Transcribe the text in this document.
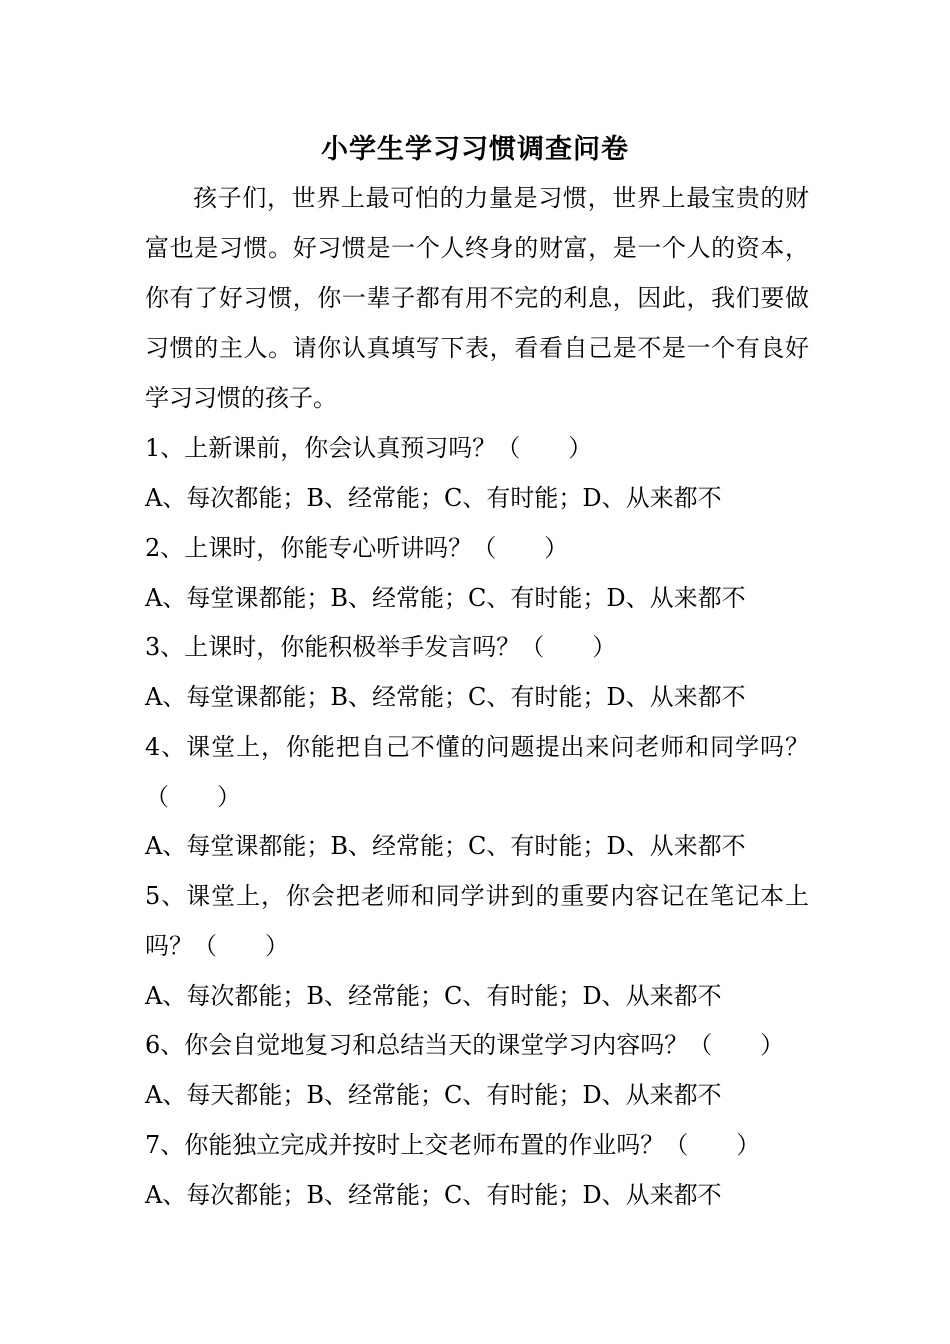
小学生学习习惯调查问卷

孩子们，世界上最可怕的力量是习惯，世界上最宝贵的财富也是习惯。好习惯是一个人终身的财富，是一个人的资本，你有了好习惯，你一辈子都有用不完的利息，因此，我们要做习惯的主人。请你认真填写下表，看看自己是不是一个有良好学习习惯的孩子。

1、上新课前，你会认真预习吗？（　　）
A、每次都能；B、经常能；C、有时能；D、从来都不
2、上课时，你能专心听讲吗？（　　）
A、每堂课都能；B、经常能；C、有时能；D、从来都不
3、上课时，你能积极举手发言吗？（　　）
A、每堂课都能；B、经常能；C、有时能；D、从来都不
4、课堂上，你能把自己不懂的问题提出来问老师和同学吗？（　　）
A、每堂课都能；B、经常能；C、有时能；D、从来都不
5、课堂上，你会把老师和同学讲到的重要内容记在笔记本上吗？（　　）
A、每次都能；B、经常能；C、有时能；D、从来都不
6、你会自觉地复习和总结当天的课堂学习内容吗？（　　）
A、每天都能；B、经常能；C、有时能；D、从来都不
7、你能独立完成并按时上交老师布置的作业吗？（　　）
A、每次都能；B、经常能；C、有时能；D、从来都不
